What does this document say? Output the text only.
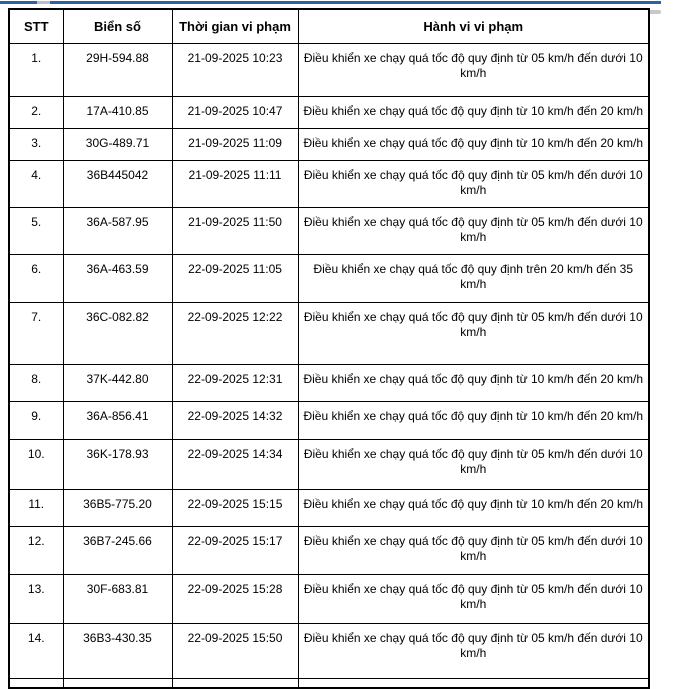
STT	Biển số	Thời gian vi phạm	Hành vi vi phạm
1.	29H-594.88	21-09-2025 10:23	Điều khiển xe chạy quá tốc độ quy định từ 05 km/h đến dưới 10 km/h
2.	17A-410.85	21-09-2025 10:47	Điều khiển xe chạy quá tốc độ quy định từ 10 km/h đến 20 km/h
3.	30G-489.71	21-09-2025 11:09	Điều khiển xe chạy quá tốc độ quy định từ 10 km/h đến 20 km/h
4.	36B445042	21-09-2025 11:11	Điều khiển xe chạy quá tốc độ quy định từ 05 km/h đến dưới 10 km/h
5.	36A-587.95	21-09-2025 11:50	Điều khiển xe chạy quá tốc độ quy định từ 05 km/h đến dưới 10 km/h
6.	36A-463.59	22-09-2025 11:05	Điều khiển xe chạy quá tốc độ quy định trên 20 km/h đến 35 km/h
7.	36C-082.82	22-09-2025 12:22	Điều khiển xe chạy quá tốc độ quy định từ 05 km/h đến dưới 10 km/h
8.	37K-442.80	22-09-2025 12:31	Điều khiển xe chạy quá tốc độ quy định từ 10 km/h đến 20 km/h
9.	36A-856.41	22-09-2025 14:32	Điều khiển xe chạy quá tốc độ quy định từ 10 km/h đến 20 km/h
10.	36K-178.93	22-09-2025 14:34	Điều khiển xe chạy quá tốc độ quy định từ 05 km/h đến dưới 10 km/h
11.	36B5-775.20	22-09-2025 15:15	Điều khiển xe chạy quá tốc độ quy định từ 10 km/h đến 20 km/h
12.	36B7-245.66	22-09-2025 15:17	Điều khiển xe chạy quá tốc độ quy định từ 05 km/h đến dưới 10 km/h
13.	30F-683.81	22-09-2025 15:28	Điều khiển xe chạy quá tốc độ quy định từ 05 km/h đến dưới 10 km/h
14.	36B3-430.35	22-09-2025 15:50	Điều khiển xe chạy quá tốc độ quy định từ 05 km/h đến dưới 10 km/h
